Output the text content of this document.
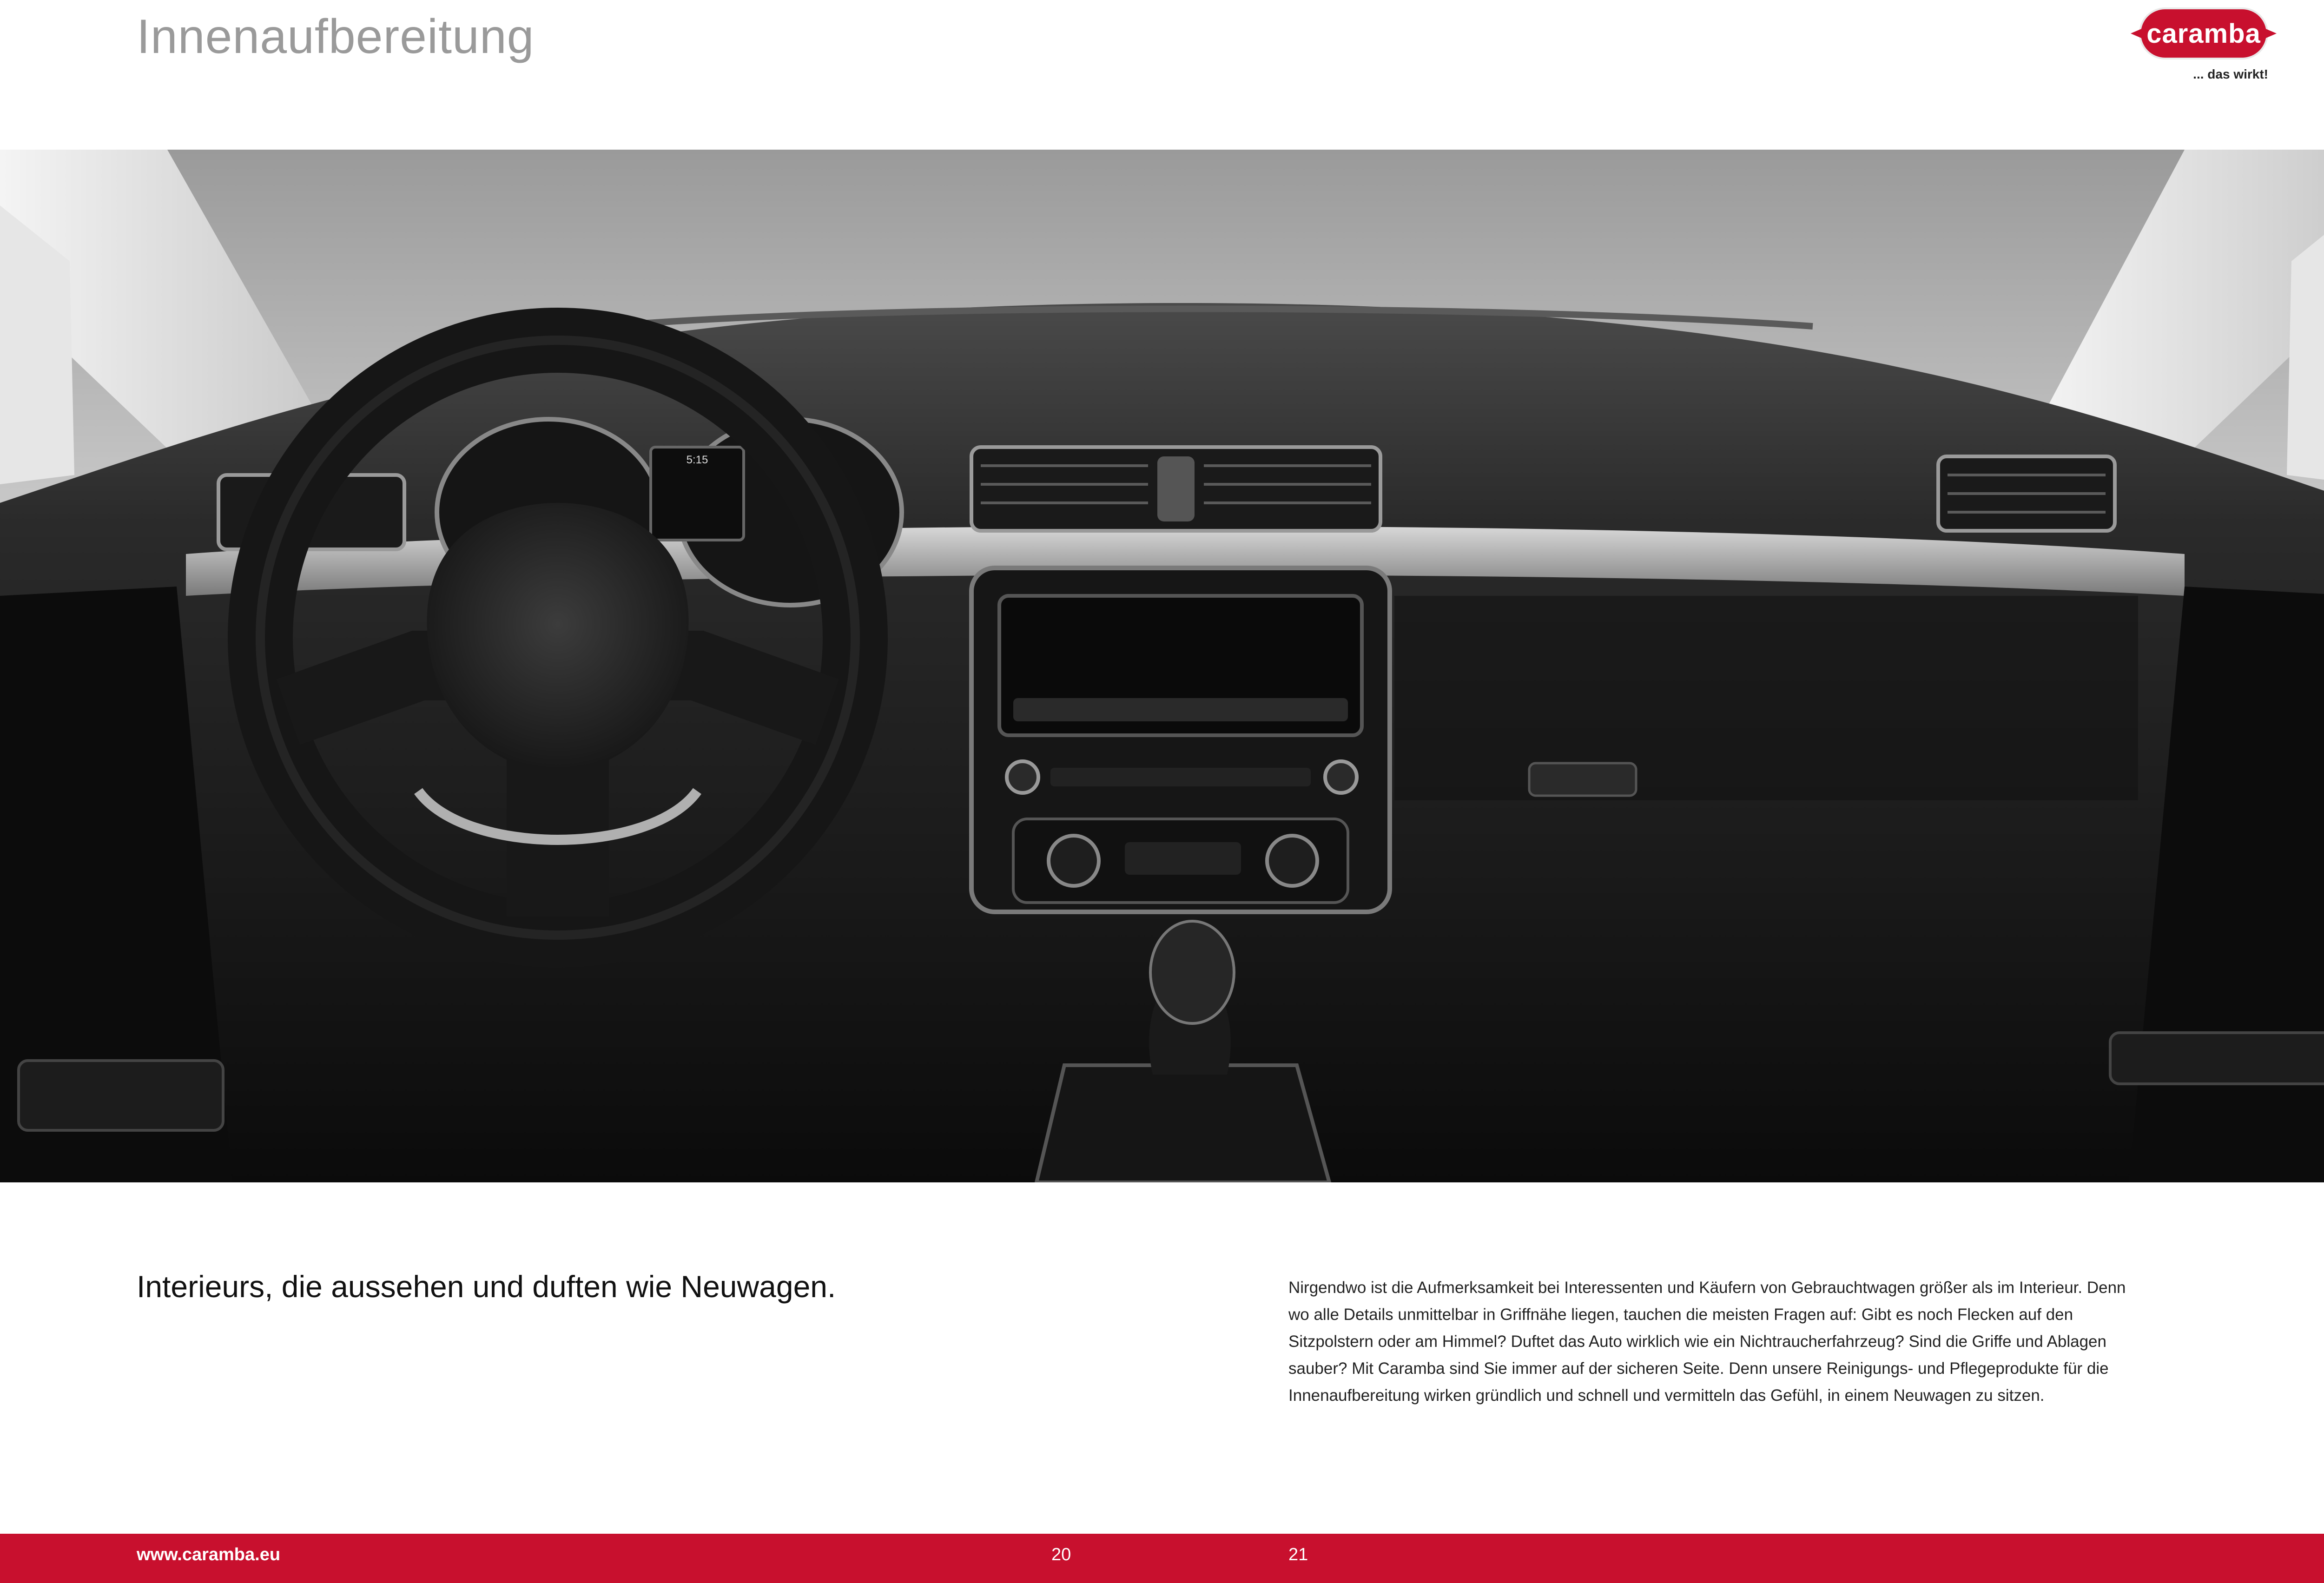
Innenaufbereitung	caramba
... das wirkt!
5:15
Interieurs, die aussehen und duften wie Neuwagen.	Nirgendwo ist die Aufmerksamkeit bei Interessenten und Käufern von Gebrauchtwagen größer als im Interieur. Denn wo alle Details unmittelbar in Griffnähe liegen, tauchen die meisten Fragen auf: Gibt es noch Flecken auf den Sitzpolstern oder am Himmel? Duftet das Auto wirklich wie ein Nichtraucherfahrzeug? Sind die Griffe und Ablagen sauber? Mit Caramba sind Sie immer auf der sicheren Seite. Denn unsere Reinigungs- und Pflegeprodukte für die Innenaufbereitung wirken gründlich und schnell und vermitteln das Gefühl, in einem Neuwagen zu sitzen.
www.caramba.eu	20	21
